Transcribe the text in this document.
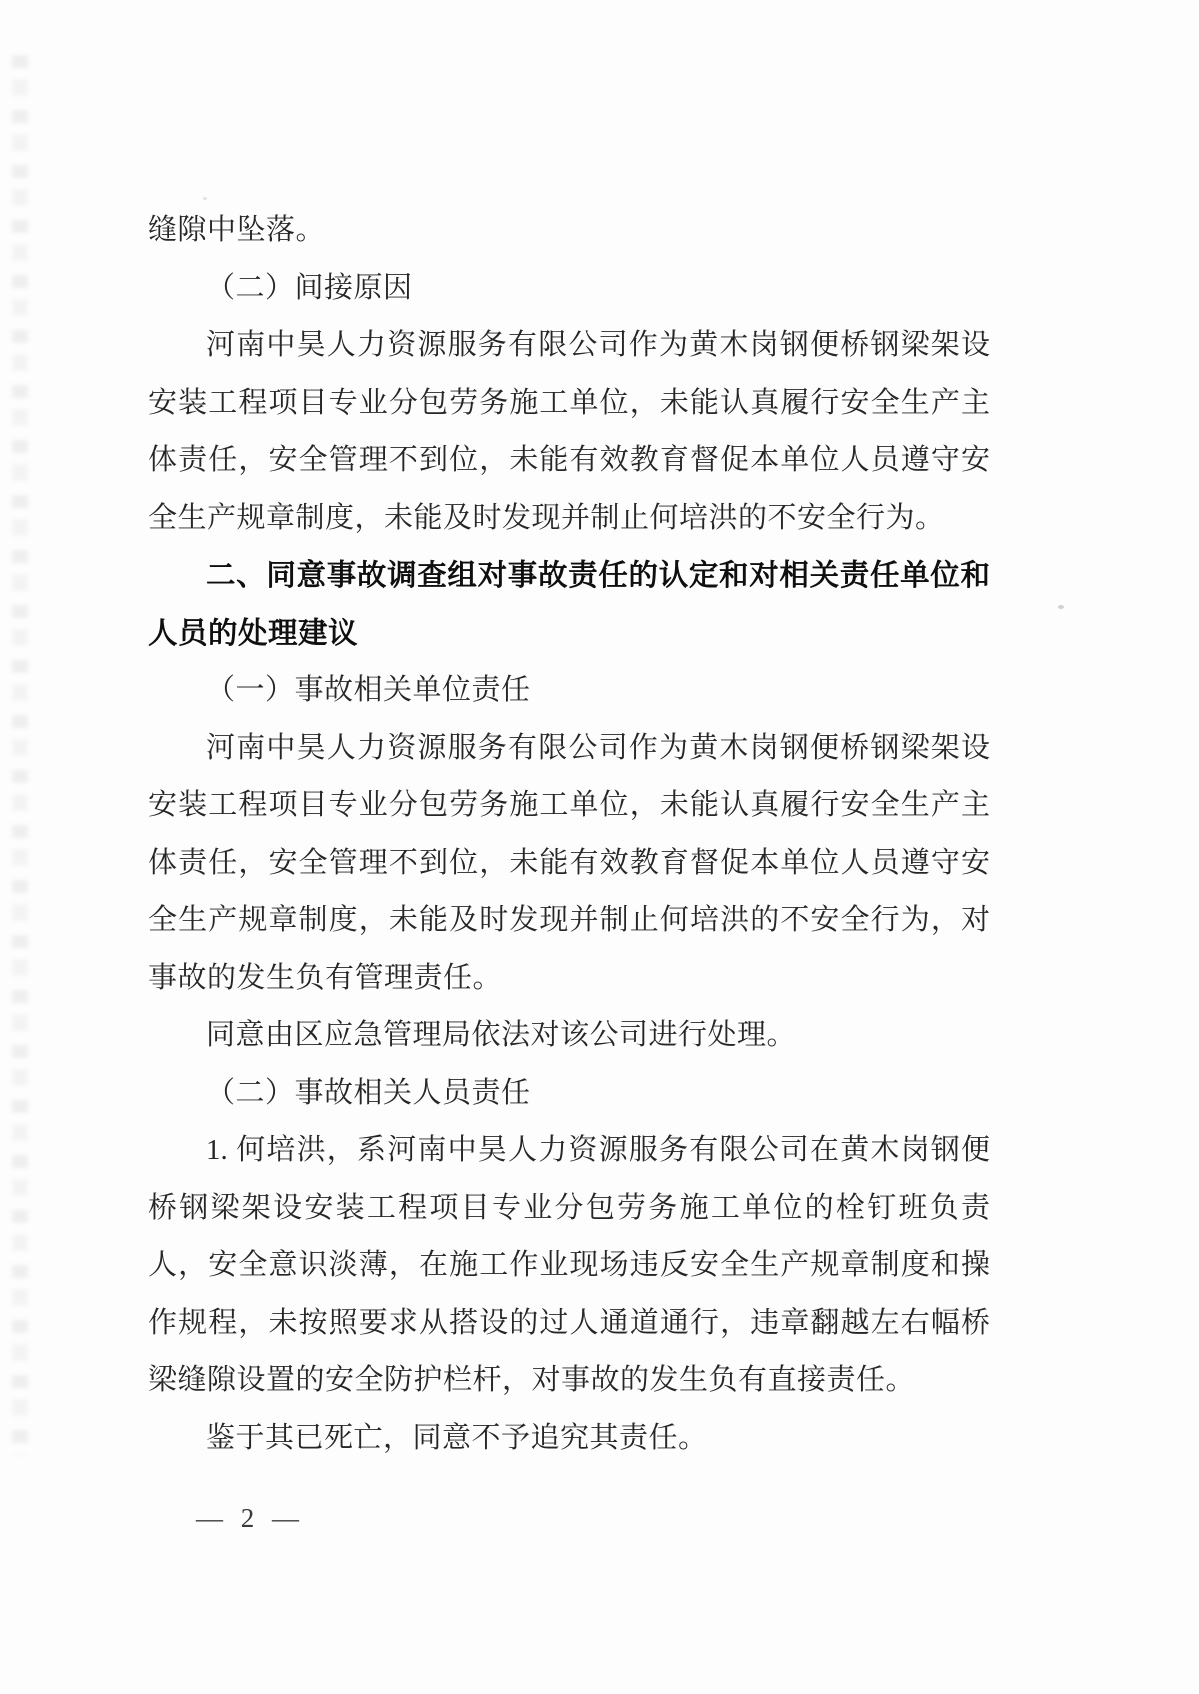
缝隙中坠落。
（二）间接原因
河南中昊人力资源服务有限公司作为黄木岗钢便桥钢梁架设
安装工程项目专业分包劳务施工单位，未能认真履行安全生产主
体责任，安全管理不到位，未能有效教育督促本单位人员遵守安
全生产规章制度，未能及时发现并制止何培洪的不安全行为。
二、同意事故调查组对事故责任的认定和对相关责任单位和
人员的处理建议
（一）事故相关单位责任
河南中昊人力资源服务有限公司作为黄木岗钢便桥钢梁架设
安装工程项目专业分包劳务施工单位，未能认真履行安全生产主
体责任，安全管理不到位，未能有效教育督促本单位人员遵守安
全生产规章制度，未能及时发现并制止何培洪的不安全行为，对
事故的发生负有管理责任。
同意由区应急管理局依法对该公司进行处理。
（二）事故相关人员责任
1. 何培洪，系河南中昊人力资源服务有限公司在黄木岗钢便
桥钢梁架设安装工程项目专业分包劳务施工单位的栓钉班负责
人，安全意识淡薄，在施工作业现场违反安全生产规章制度和操
作规程，未按照要求从搭设的过人通道通行，违章翻越左右幅桥
梁缝隙设置的安全防护栏杆，对事故的发生负有直接责任。
鉴于其已死亡，同意不予追究其责任。
— 2 —
